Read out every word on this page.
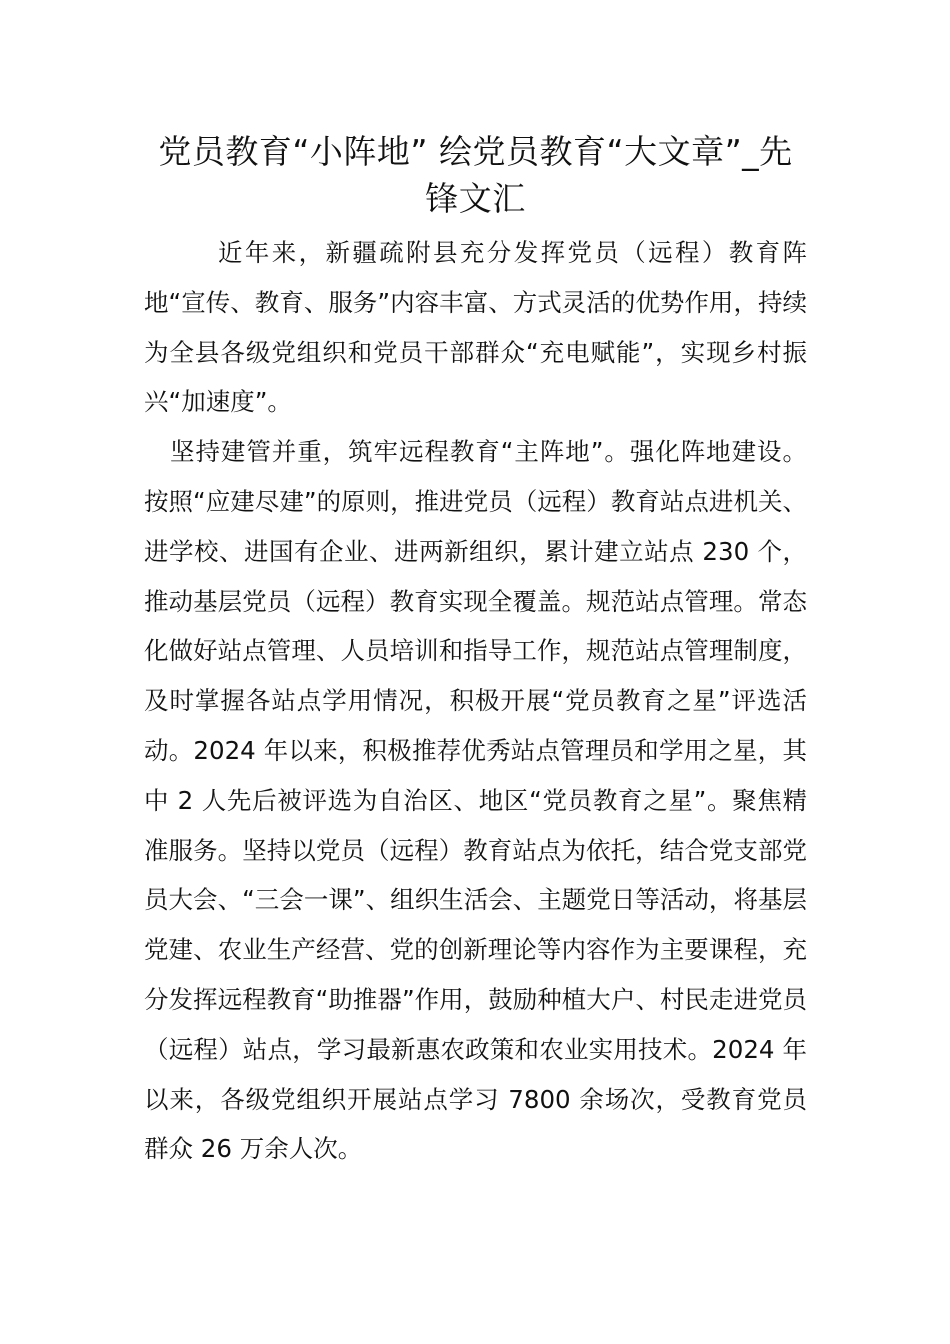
党员教育“小阵地” 绘党员教育“大文章”_先锋文汇

近年来，新疆疏附县充分发挥党员（远程）教育阵地“宣传、教育、服务”内容丰富、方式灵活的优势作用，持续为全县各级党组织和党员干部群众“充电赋能”，实现乡村振兴“加速度”。

坚持建管并重，筑牢远程教育“主阵地”。强化阵地建设。按照“应建尽建”的原则，推进党员（远程）教育站点进机关、进学校、进国有企业、进两新组织，累计建立站点 230 个，推动基层党员（远程）教育实现全覆盖。规范站点管理。常态化做好站点管理、人员培训和指导工作，规范站点管理制度，及时掌握各站点学用情况，积极开展“党员教育之星”评选活动。2024 年以来，积极推荐优秀站点管理员和学用之星，其中 2 人先后被评选为自治区、地区“党员教育之星”。聚焦精准服务。坚持以党员（远程）教育站点为依托，结合党支部党员大会、“三会一课”、组织生活会、主题党日等活动，将基层党建、农业生产经营、党的创新理论等内容作为主要课程，充分发挥远程教育“助推器”作用，鼓励种植大户、村民走进党员（远程）站点，学习最新惠农政策和农业实用技术。2024 年以来，各级党组织开展站点学习 7800 余场次，受教育党员群众 26 万余人次。
